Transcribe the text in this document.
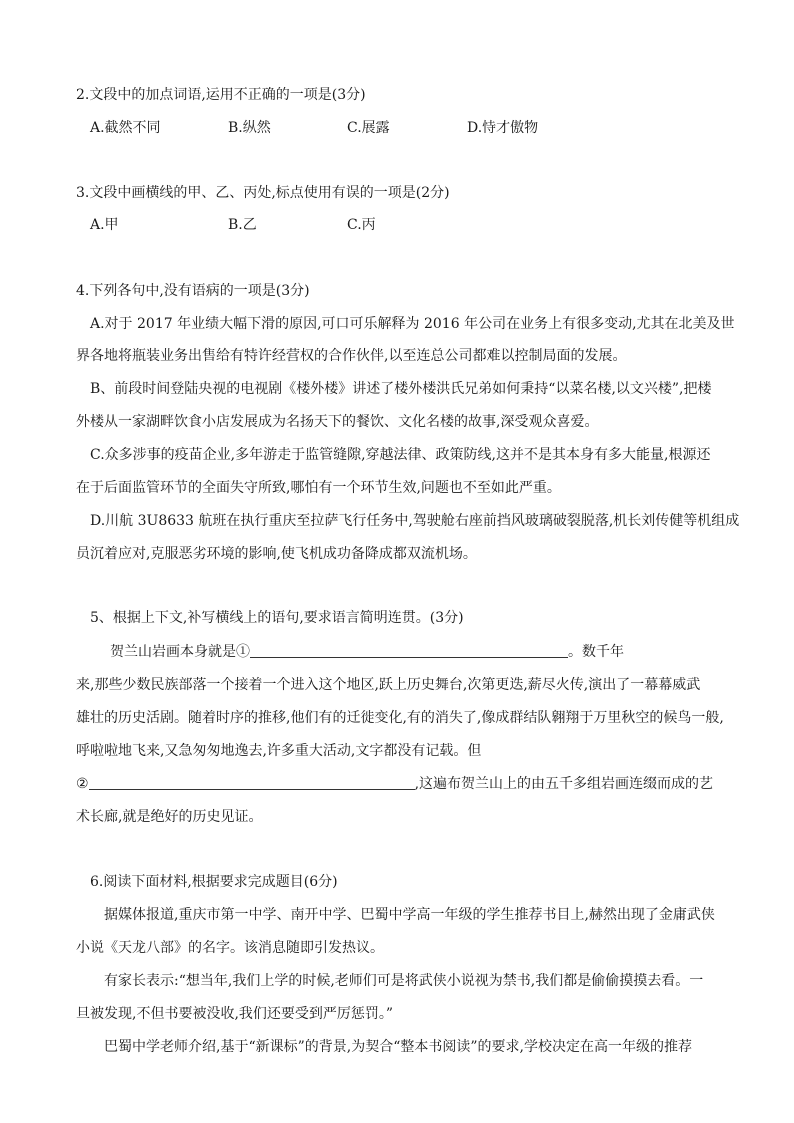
2.文段中的加点词语,运用不正确的一项是(3分)
A.截然不同	B.纵然	C.展露	D.恃才傲物
3.文段中画横线的甲、乙、丙处,标点使用有误的一项是(2分)
A.甲	B.乙	C.丙
4.下列各句中,没有语病的一项是(3分)
A.对于 2017 年业绩大幅下滑的原因,可口可乐解释为 2016 年公司在业务上有很多变动,尤其在北美及世
界各地将瓶装业务出售给有特许经营权的合作伙伴,以至连总公司都难以控制局面的发展。
B、前段时间登陆央视的电视剧《楼外楼》讲述了楼外楼洪氏兄弟如何秉持“以菜名楼,以文兴楼”,把楼
外楼从一家湖畔饮食小店发展成为名扬天下的餐饮、文化名楼的故事,深受观众喜爱。
C.众多涉事的疫苗企业,多年游走于监管缝隙,穿越法律、政策防线,这并不是其本身有多大能量,根源还
在于后面监管环节的全面失守所致,哪怕有一个环节生效,问题也不至如此严重。
D.川航 3U8633 航班在执行重庆至拉萨飞行任务中,驾驶舱右座前挡风玻璃破裂脱落,机长刘传健等机组成
员沉着应对,克服恶劣环境的影响,使飞机成功备降成都双流机场。
5、根据上下文,补写横线上的语句,要求语言简明连贯。(3分)
贺兰山岩画本身就是①	。数千年
来,那些少数民族部落一个接着一个进入这个地区,跃上历史舞台,次第更迭,薪尽火传,演出了一幕幕威武
雄壮的历史活剧。随着时序的推移,他们有的迁徙变化,有的消失了,像成群结队翱翔于万里秋空的候鸟一般,
呼啦啦地飞来,又急匆匆地逸去,许多重大活动,文字都没有记载。但
②	,这遍布贺兰山上的由五千多组岩画连缀而成的艺
术长廊,就是绝好的历史见证。
6.阅读下面材料,根据要求完成题目(6分)
据媒体报道,重庆市第一中学、南开中学、巴蜀中学高一年级的学生推荐书目上,赫然出现了金庸武侠
小说《天龙八部》的名字。该消息随即引发热议。
有家长表示:“想当年,我们上学的时候,老师们可是将武侠小说视为禁书,我们都是偷偷摸摸去看。一
旦被发现,不但书要被没收,我们还要受到严厉惩罚。”
巴蜀中学老师介绍,基于“新课标”的背景,为契合“整本书阅读”的要求,学校决定在高一年级的推荐
